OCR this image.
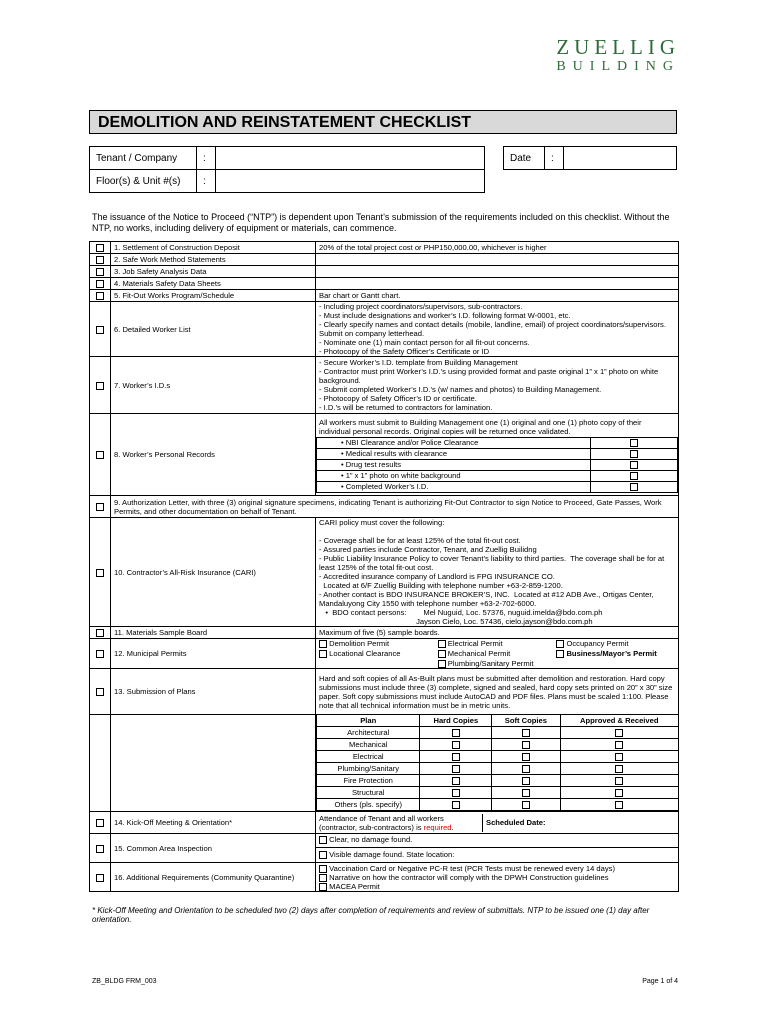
ZUELLIG
BUILDING
DEMOLITION AND REINSTATEMENT CHECKLIST
Tenant / Company	:	
Floor(s) & Unit #(s)	:	
Date	:	
The issuance of the Notice to Proceed (“NTP”) is dependent upon Tenant’s submission of the requirements included on this checklist. Without the NTP, no works, including delivery of equipment or materials, can commence.
	1. Settlement of Construction Deposit	20% of the total project cost or PHP150,000.00, whichever is higher
	2. Safe Work Method Statements	
	3. Job Safety Analysis Data	
	4. Materials Safety Data Sheets	
	5. Fit-Out Works Program/Schedule	Bar chart or Gantt chart.
	6. Detailed Worker List	
- Including project coordinators/supervisors, sub-contractors.
- Must include designations and worker’s I.D. following format W-0001, etc.
- Clearly specify names and contact details (mobile, landline, email) of project coordinators/supervisors. Submit on company letterhead.
- Nominate one (1) main contact person for all fit-out concerns.
- Photocopy of the Safety Officer’s Certificate or ID

	7. Worker’s I.D.s	
- Secure Worker’s I.D. template from Building Management
- Contractor must print Worker’s I.D.’s using provided format and paste original 1” x 1” photo on white background.
- Submit completed Worker’s I.D.’s (w/ names and photos) to Building Management.
- Photocopy of Safety Officer’s ID or certificate.
- I.D.’s will be returned to contractors for lamination.

	8. Worker’s Personal Records	
All workers must submit to Building Management one (1) original and one (1) photo copy of their individual personal records. Original copies will be returned once validated.
• NBI Clearance and/or Police Clearance	
• Medical results with clearance	
• Drug test results	
• 1” x 1” photo on white background	
• Completed Worker’s I.D.	

	9. Authorization Letter, with three (3) original signature specimens, indicating Tenant is authorizing Fit-Out Contractor to sign Notice to Proceed, Gate Passes, Work Permits, and other documentation on behalf of Tenant.
	10. Contractor’s All-Risk Insurance (CARI)	
CARI policy must cover the following:

- Coverage shall be for at least 125% of the total fit-out cost.
- Assured parties include Contractor, Tenant, and Zuellig Builidng
- Public Liability Insurance Policy to cover Tenant’s liability to third parties.  The coverage shall be for at least 125% of the total fit-out cost.
- Accredited insurance company of Landlord is FPG INSURANCE CO.
Located at 6/F Zuellig Building with telephone number +63-2-859-1200.
- Another contact is BDO INSURANCE BROKER’S, INC.  Located at #12 ADB Ave., Ortigas Center, Mandaluyong City 1550 with telephone number +63-2-702-6000.
•  BDO contact persons:        Mel Nuguid, Loc. 57376, nuguid.imelda@bdo.com.ph
Jayson Cielo, Loc. 57436, cielo.jayson@bdo.com.ph

	11. Materials Sample Board	Maximum of five (5) sample boards.
	12. Municipal Permits	
Demolition Permit	Electrical Permit	Occupancy Permit
Locational Clearance	Mechanical Permit	Business/Mayor’s Permit
Plumbing/Sanitary Permit

	13. Submission of Plans	Hard and soft copies of all As-Built plans must be submitted after demolition and restoration. Hard copy submissions must include three (3) complete, signed and sealed, hard copy sets printed on 20” x 30” size paper. Soft copy submissions must include AutoCAD and PDF files. Plans must be scaled 1:100. Please note that all technical information must be in metric units.

Plan	Hard Copies	Soft Copies	Approved & Received
Architectural			
Mechanical			
Electrical			
Plumbing/Sanitary			
Fire Protection			
Structural			
Others (pls. specify)			

	14. Kick-Off Meeting & Orientation*		Attendance of Tenant and all workers (contractor, sub-contractors) is required.	Scheduled Date:

	15. Common Area Inspection	
Clear, no damage found.
Visible damage found. State location:

	16. Additional Requirements (Community Quarantine)	
Vaccination Card or Negative PC-R test (PCR Tests must be renewed every 14 days)
Narrative on how the contractor will comply with the DPWH Construction guidelines
MACEA Permit
* Kick-Off Meeting and Orientation to be scheduled two (2) days after completion of requirements and review of submittals. NTP to be issued one (1) day after orientation.
ZB_BLDG FRM_003	Page 1 of 4
